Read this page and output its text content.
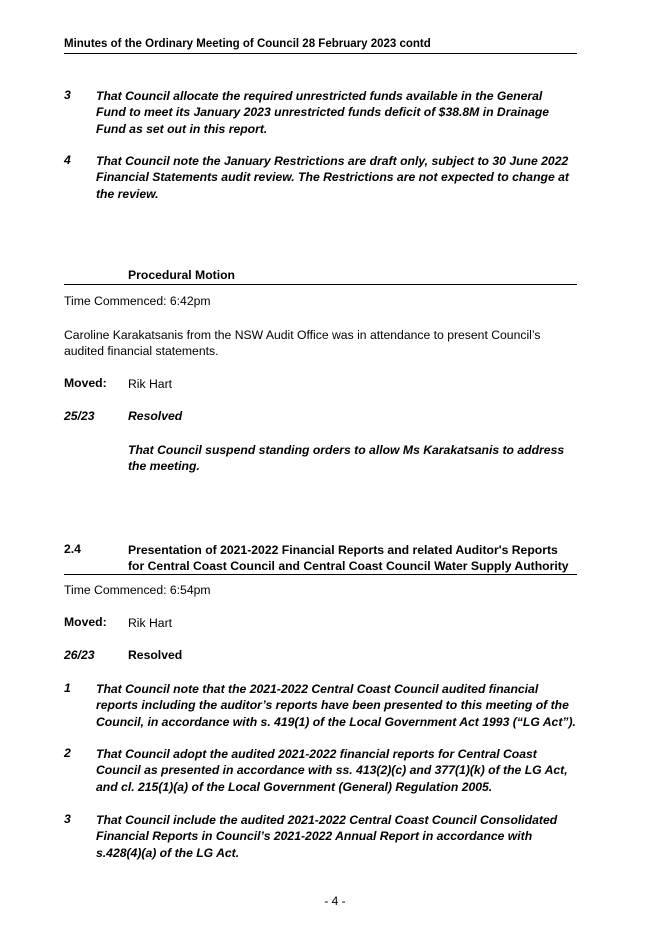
Minutes of the Ordinary Meeting of Council 28 February 2023 contd
3 That Council allocate the required unrestricted funds available in the General
Fund to meet its January 2023 unrestricted funds deficit of $38.8M in Drainage
Fund as set out in this report.
4 That Council note the January Restrictions are draft only, subject to 30 June 2022
Financial Statements audit review. The Restrictions are not expected to change at
the review.
Procedural Motion
Time Commenced: 6:42pm
Caroline Karakatsanis from the NSW Audit Office was in attendance to present Council’s
audited financial statements.
Moved: Rik Hart
25/23	Resolved
That Council suspend standing orders to allow Ms Karakatsanis to address
the meeting.
2.4	Presentation of 2021-2022 Financial Reports and related Auditor's Reports
for Central Coast Council and Central Coast Council Water Supply Authority
Time Commenced: 6:54pm
Moved: Rik Hart
26/23	Resolved
1 That Council note that the 2021-2022 Central Coast Council audited financial
reports including the auditor’s reports have been presented to this meeting of the
Council, in accordance with s. 419(1) of the Local Government Act 1993 (“LG Act”).
2 That Council adopt the audited 2021-2022 financial reports for Central Coast
Council as presented in accordance with ss. 413(2)(c) and 377(1)(k) of the LG Act,
and cl. 215(1)(a) of the Local Government (General) Regulation 2005.
3 That Council include the audited 2021-2022 Central Coast Council Consolidated
Financial Reports in Council’s 2021-2022 Annual Report in accordance with
s.428(4)(a) of the LG Act.
- 4 -
